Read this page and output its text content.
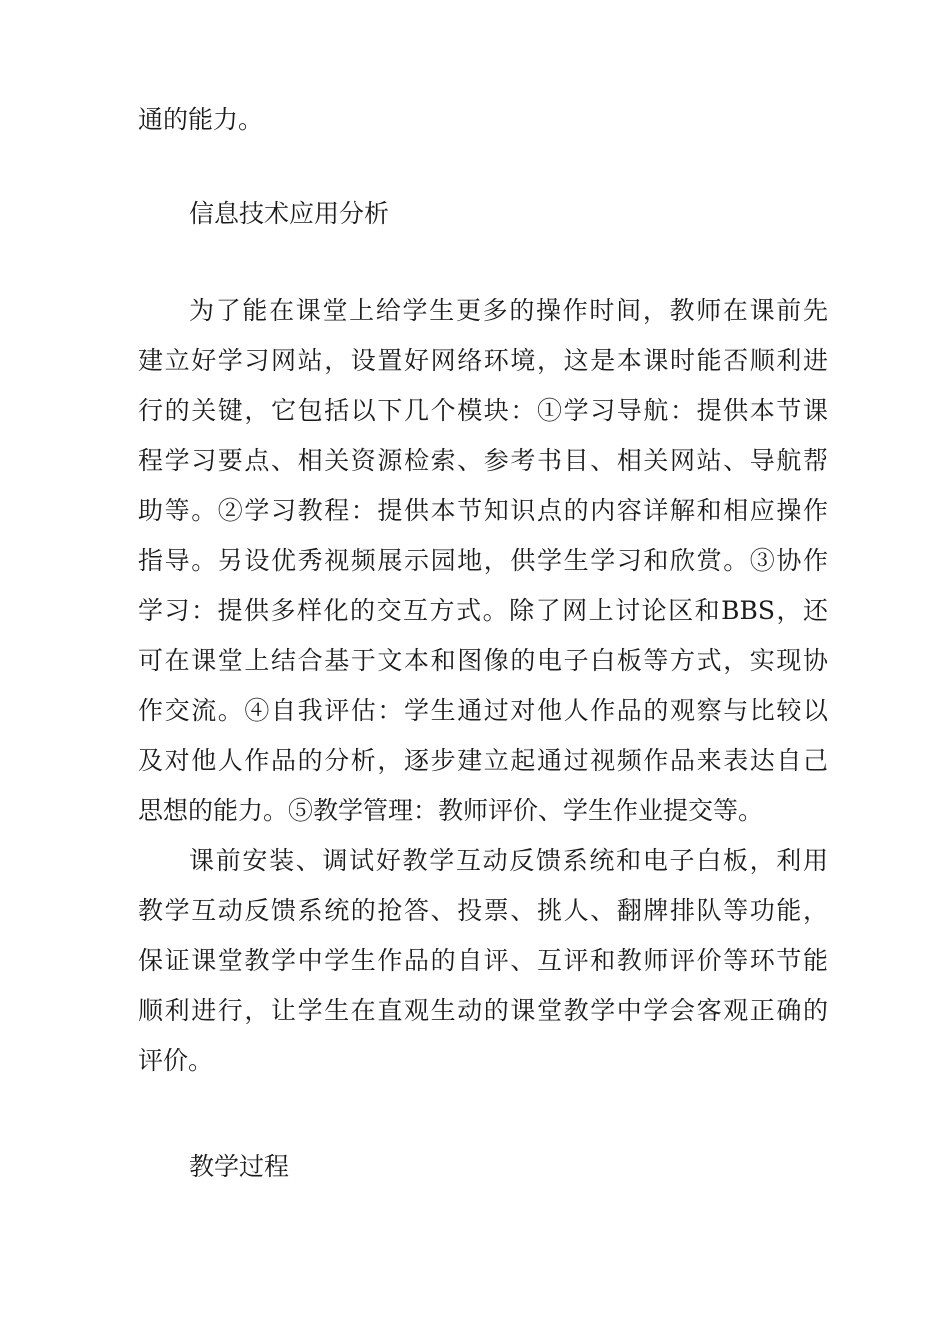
通的能力。

信息技术应用分析

为了能在课堂上给学生更多的操作时间，教师在课前先

建立好学习网站，设置好网络环境，这是本课时能否顺利进

行的关键，它包括以下几个模块：①学习导航：提供本节课

程学习要点、相关资源检索、参考书目、相关网站、导航帮

助等。②学习教程：提供本节知识点的内容详解和相应操作

指导。另设优秀视频展示园地，供学生学习和欣赏。③协作

学习：提供多样化的交互方式。除了网上讨论区和BBS，还

可在课堂上结合基于文本和图像的电子白板等方式，实现协

作交流。④自我评估：学生通过对他人作品的观察与比较以

及对他人作品的分析，逐步建立起通过视频作品来表达自己

思想的能力。⑤教学管理：教师评价、学生作业提交等。

课前安装、调试好教学互动反馈系统和电子白板，利用

教学互动反馈系统的抢答、投票、挑人、翻牌排队等功能，

保证课堂教学中学生作品的自评、互评和教师评价等环节能

顺利进行，让学生在直观生动的课堂教学中学会客观正确的

评价。

教学过程
